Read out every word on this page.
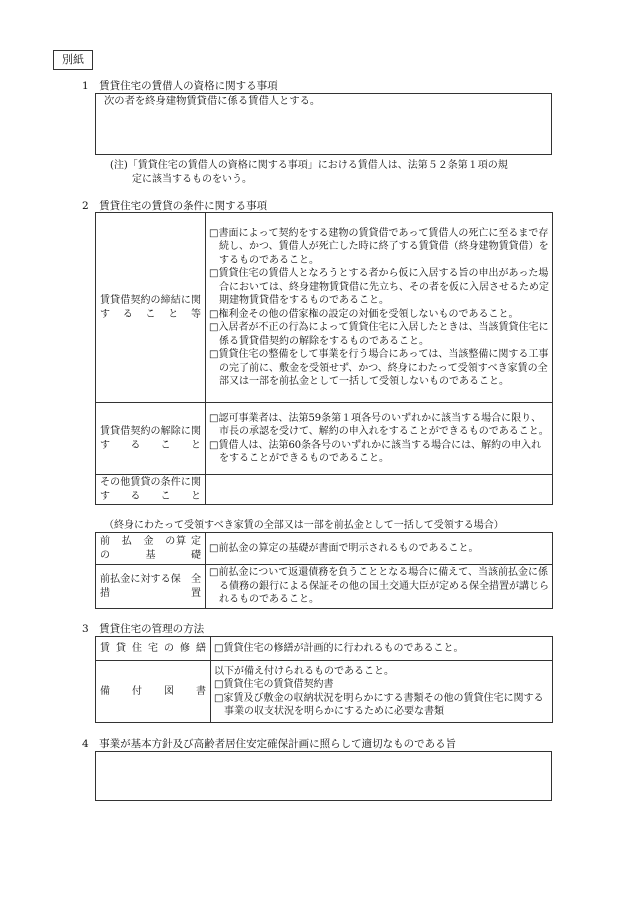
別紙
1　賃貸住宅の賃借人の資格に関する事項
次の者を終身建物賃貸借に係る賃借人とする。
(注)「賃貸住宅の賃借人の資格に関する事項」における賃借人は、法第５２条第１項の規
定に該当するものをいう。
2　賃貸住宅の賃貸の条件に関する事項
賃貸借契約の締結に関 す る こ と 等	□書面によって契約をする建物の賃貸借であって賃借人の死亡に至るまで存続し、かつ、賃借人が死亡した時に終了する賃貸借（終身建物賃貸借）をするものであること。

□賃貸住宅の賃借人となろうとする者から仮に入居する旨の申出があった場合においては、終身建物賃貸借に先立ち、その者を仮に入居させるため定期建物賃貸借をするものであること。

□権利金その他の借家権の設定の対価を受領しないものであること。

□入居者が不正の行為によって賃貸住宅に入居したときは、当該賃貸住宅に係る賃貸借契約の解除をするものであること。

□賃貸住宅の整備をして事業を行う場合にあっては、当該整備に関する工事の完了前に、敷金を受領せず、かつ、終身にわたって受領すべき家賃の全部又は一部を前払金として一括して受領しないものであること。

賃貸借契約の解除に関 す る こ と	□認可事業者は、法第59条第１項各号のいずれかに該当する場合に限り、市長の承認を受けて、解約の申入れをすることができるものであること。

□賃借人は、法第60条各号のいずれかに該当する場合には、解約の申入れをすることができるものであること。

その他賃貸の条件に関 す る こ と	
（終身にわたって受領すべき家賃の全部又は一部を前払金として一括して受領する場合）
前　払　金　の算 定 の 基 礎	□前払金の算定の基礎が書面で明示されるものであること。

前払金に対する保　全　措　置	□前払金について返還債務を負うこととなる場合に備えて、当該前払金に係る債務の銀行による保証その他の国土交通大臣が定める保全措置が講じられるものであること。

3　賃貸住宅の管理の方法
賃 貸 住 宅 の 修 繕	□賃貸住宅の修繕が計画的に行われるものであること。

備　付　図　書	以下が備え付けられるものであること。

□賃貸住宅の賃貸借契約書

□家賃及び敷金の収納状況を明らかにする書類その他の賃貸住宅に関する事業の収支状況を明らかにするために必要な書類

4　事業が基本方針及び高齢者居住安定確保計画に照らして適切なものである旨
